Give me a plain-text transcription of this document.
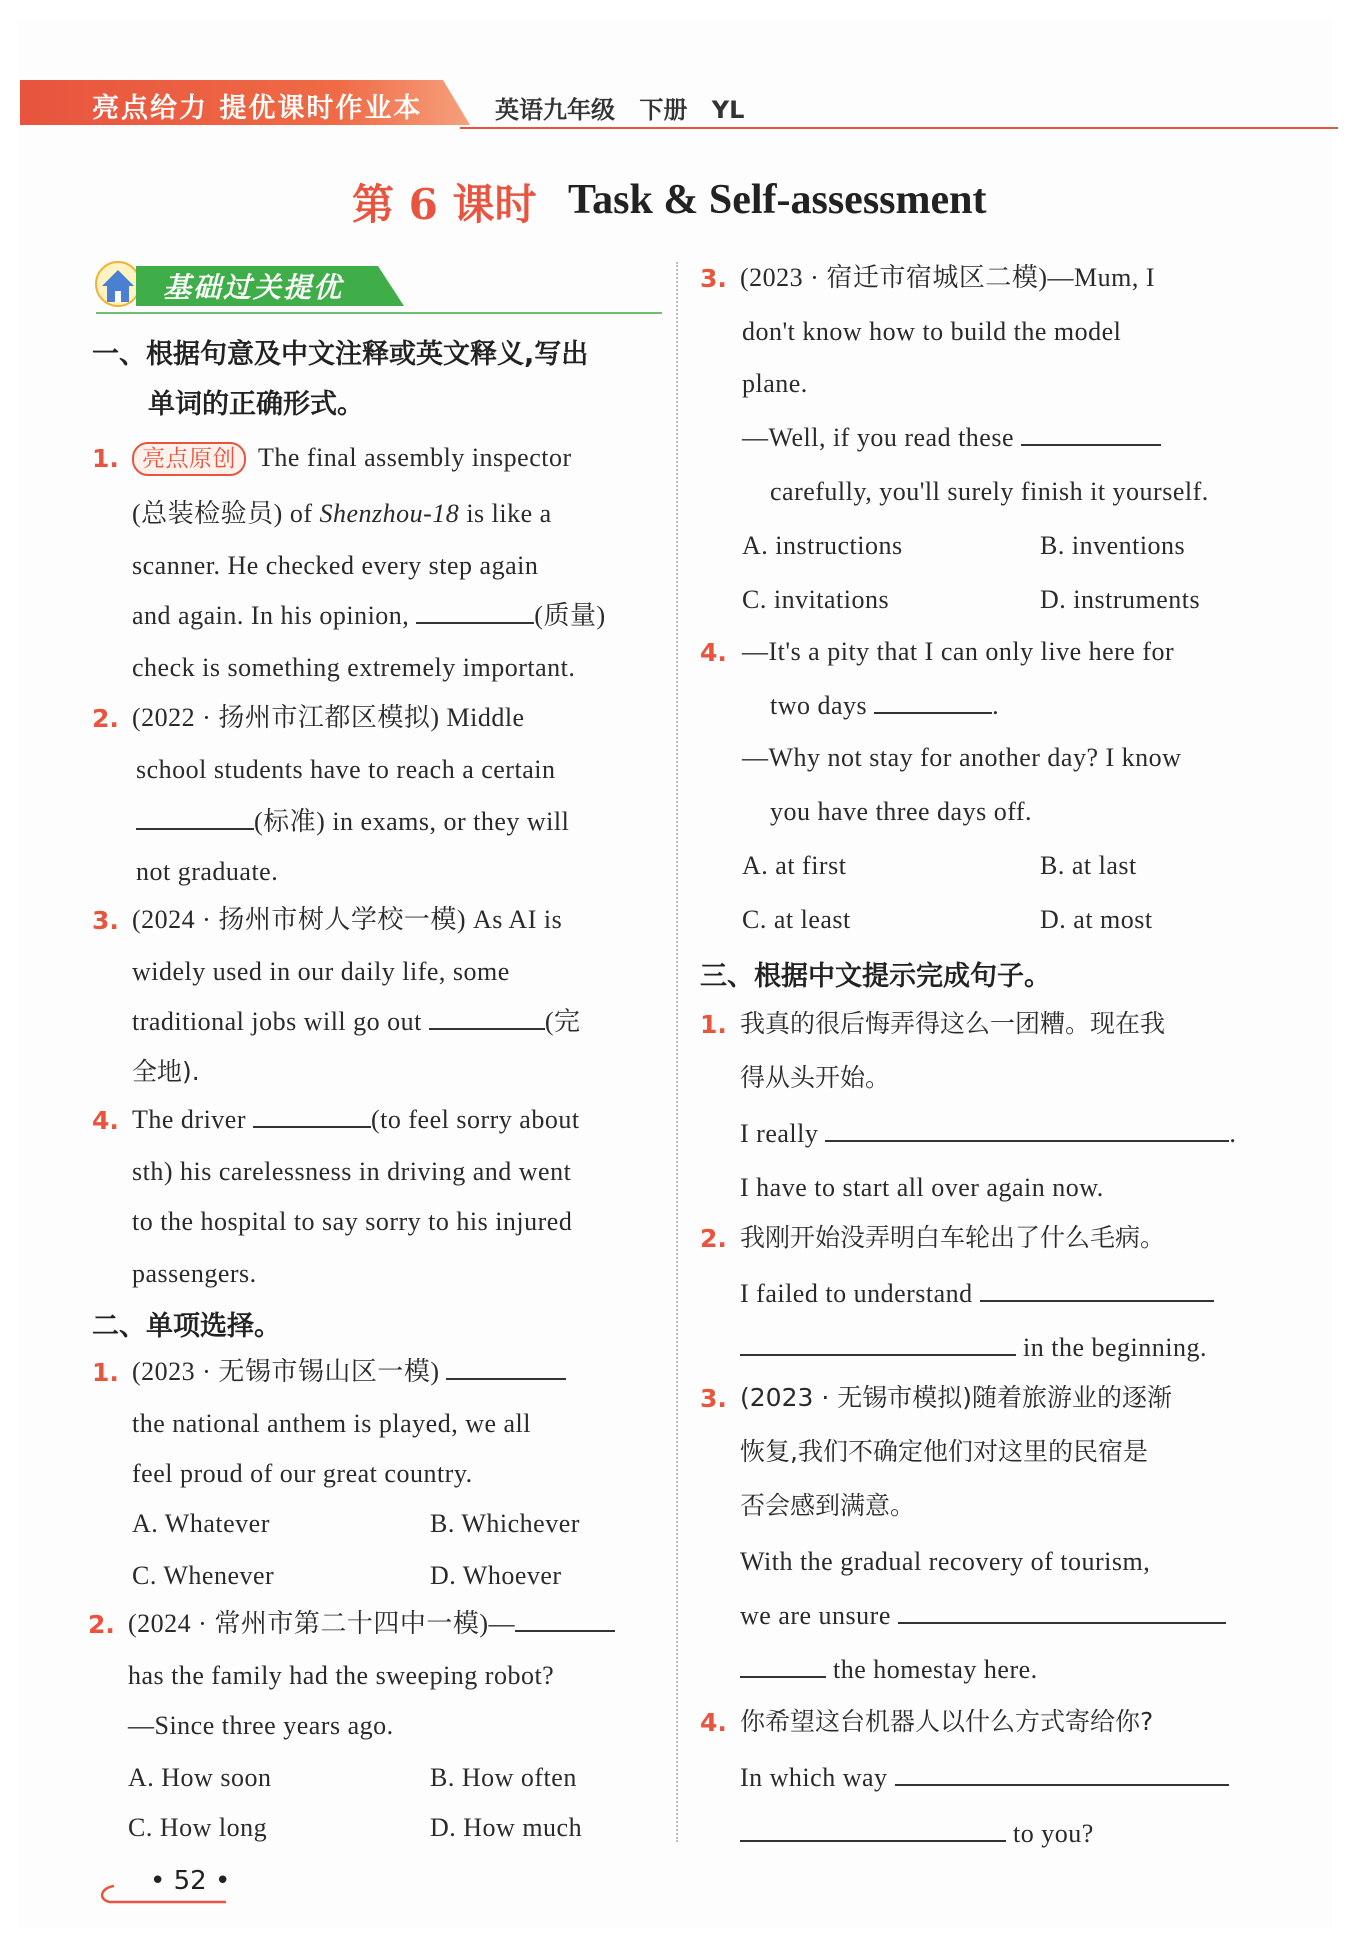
亮点给力 提优课时作业本	英语九年级 下册 YL
第 6 课时 Task & Self-assessment
基础过关提优
一、根据句意及中文注释或英文释义,写出
单词的正确形式。
1.	亮点原创 The final assembly inspector
(总装检验员) of Shenzhou-18 is like a
scanner. He checked every step again
and again. In his opinion,	(质量)
check is something extremely important.
2. (2022 · 扬州市江都区模拟) Middle
school students have to reach a certain
(标准) in exams, or they will
not graduate.
3. (2024 · 扬州市树人学校一模) As AI is
widely used in our daily life, some
traditional jobs will go out	(完
全地).
4. The driver	(to feel sorry about
sth) his carelessness in driving and went
to the hospital to say sorry to his injured
passengers.
二、单项选择。
1. (2023 · 无锡市锡山区一模)
the national anthem is played, we all
feel proud of our great country.
A. Whatever	B. Whichever
C. Whenever	D. Whoever
2. (2024 · 常州市第二十四中一模)—
has the family had the sweeping robot?
—Since three years ago.
A. How soon	B. How often
C. How long	D. How much
3. (2023 · 宿迁市宿城区二模)—Mum, I
don't know how to build the model
plane.
—Well, if you read these
carefully, you'll surely finish it yourself.
A. instructions	B. inventions
C. invitations	D. instruments
4. —It's a pity that I can only live here for
two days	.
—Why not stay for another day? I know
you have three days off.
A. at first	B. at last
C. at least	D. at most
三、根据中文提示完成句子。
1. 我真的很后悔弄得这么一团糟。现在我
得从头开始。
I really	.
I have to start all over again now.
2. 我刚开始没弄明白车轮出了什么毛病。
I failed to understand
in the beginning.
3. (2023 · 无锡市模拟)随着旅游业的逐渐
恢复,我们不确定他们对这里的民宿是
否会感到满意。
With the gradual recovery of tourism,
we are unsure
the homestay here.
4. 你希望这台机器人以什么方式寄给你?
In which way
to you?
• 52 •
